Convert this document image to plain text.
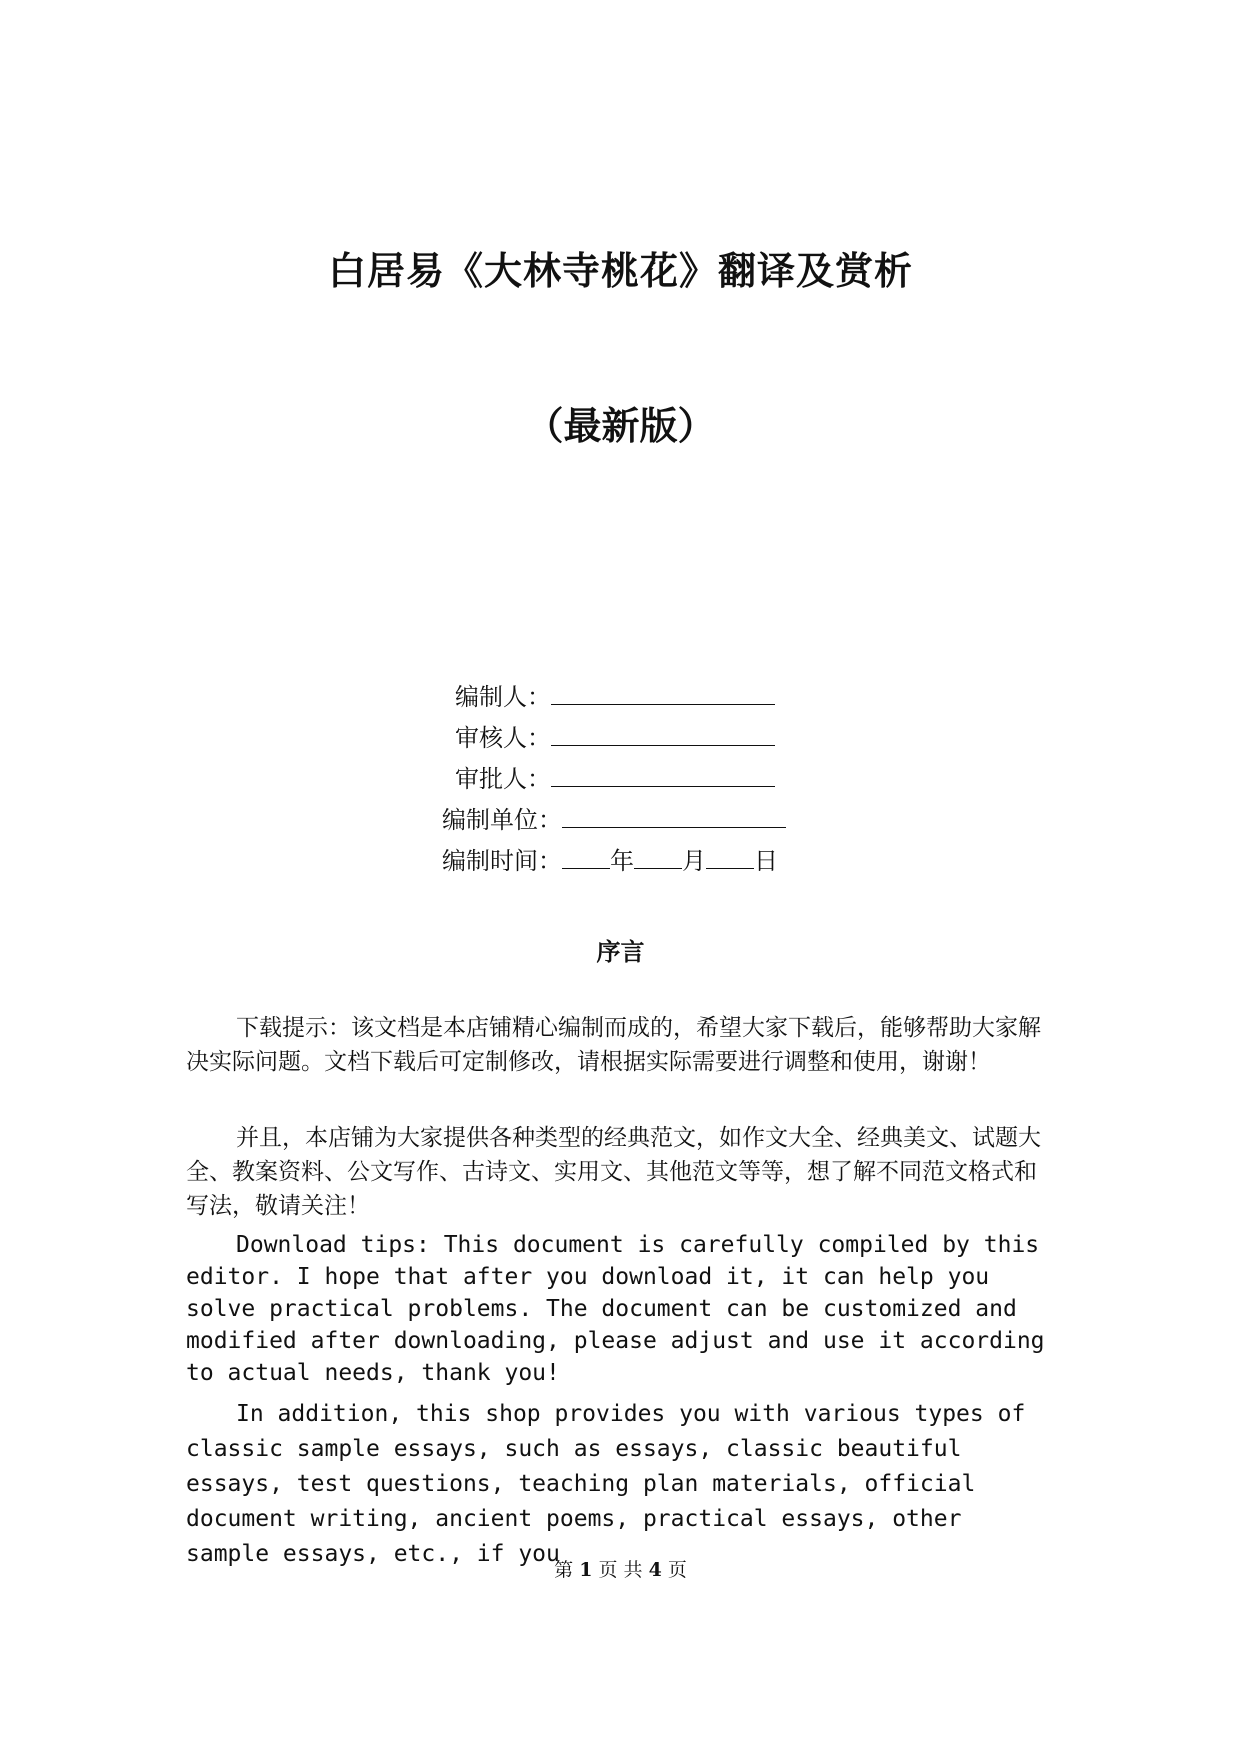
白居易《大林寺桃花》翻译及赏析
（最新版）
编制人：
审核人：
审批人：
编制单位：
编制时间： 年 月 日
序言

下载提示：该文档是本店铺精心编制而成的，希望大家下载后，能够帮助大家解决实际问题。文档下载后可定制修改，请根据实际需要进行调整和使用，谢谢！

并且，本店铺为大家提供各种类型的经典范文，如作文大全、经典美文、试题大全、教案资料、公文写作、古诗文、实用文、其他范文等等，想了解不同范文格式和写法，敬请关注！

Download tips: This document is carefully compiled by this editor. I hope that after you download it, it can help you solve practical problems. The document can be customized and modified after downloading, please adjust and use it according to actual needs, thank you!

In addition, this shop provides you with various types of classic sample essays, such as essays, classic beautiful essays, test questions, teaching plan materials, official document writing, ancient poems, practical essays, other sample essays, etc., if you

第 1 页 共 4 页
